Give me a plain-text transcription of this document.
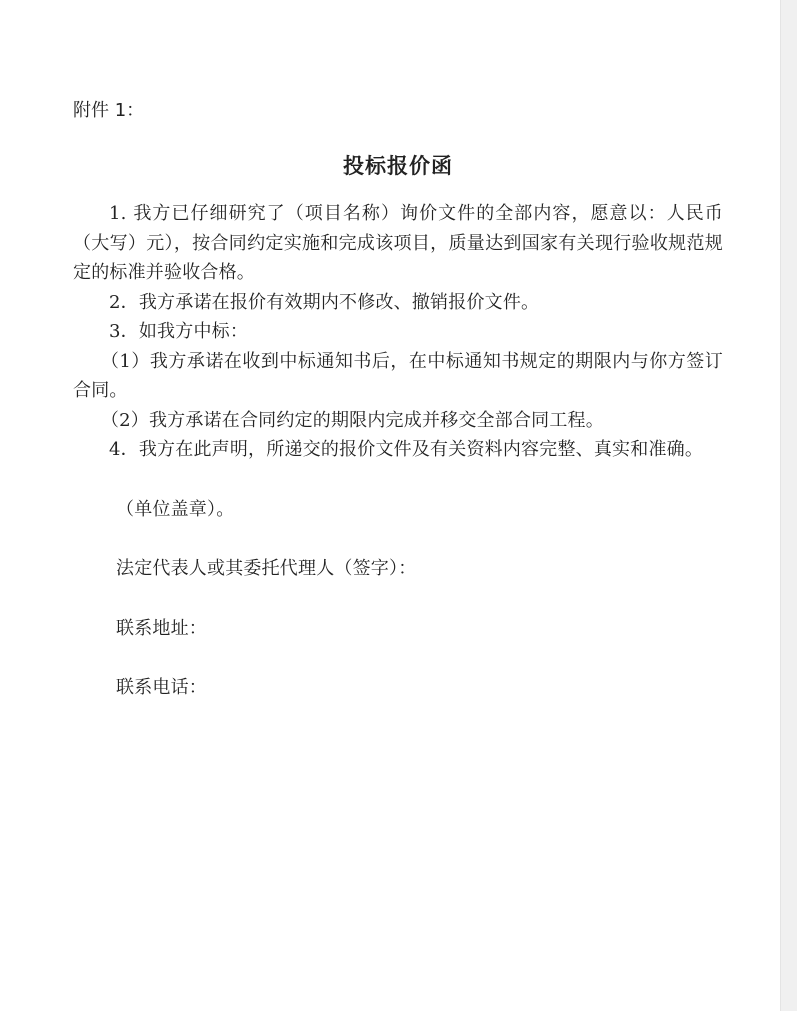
附件 1：
投标报价函

1. 我方已仔细研究了（项目名称）询价文件的全部内容，愿意以：人民币（大写）元），按合同约定实施和完成该项目，质量达到国家有关现行验收规范规定的标准并验收合格。

2．我方承诺在报价有效期内不修改、撤销报价文件。

3．如我方中标：

（1）我方承诺在收到中标通知书后，在中标通知书规定的期限内与你方签订合同。

（2）我方承诺在合同约定的期限内完成并移交全部合同工程。

4．我方在此声明，所递交的报价文件及有关资料内容完整、真实和准确。

（单位盖章）。

法定代表人或其委托代理人（签字）：

联系地址：

联系电话：
